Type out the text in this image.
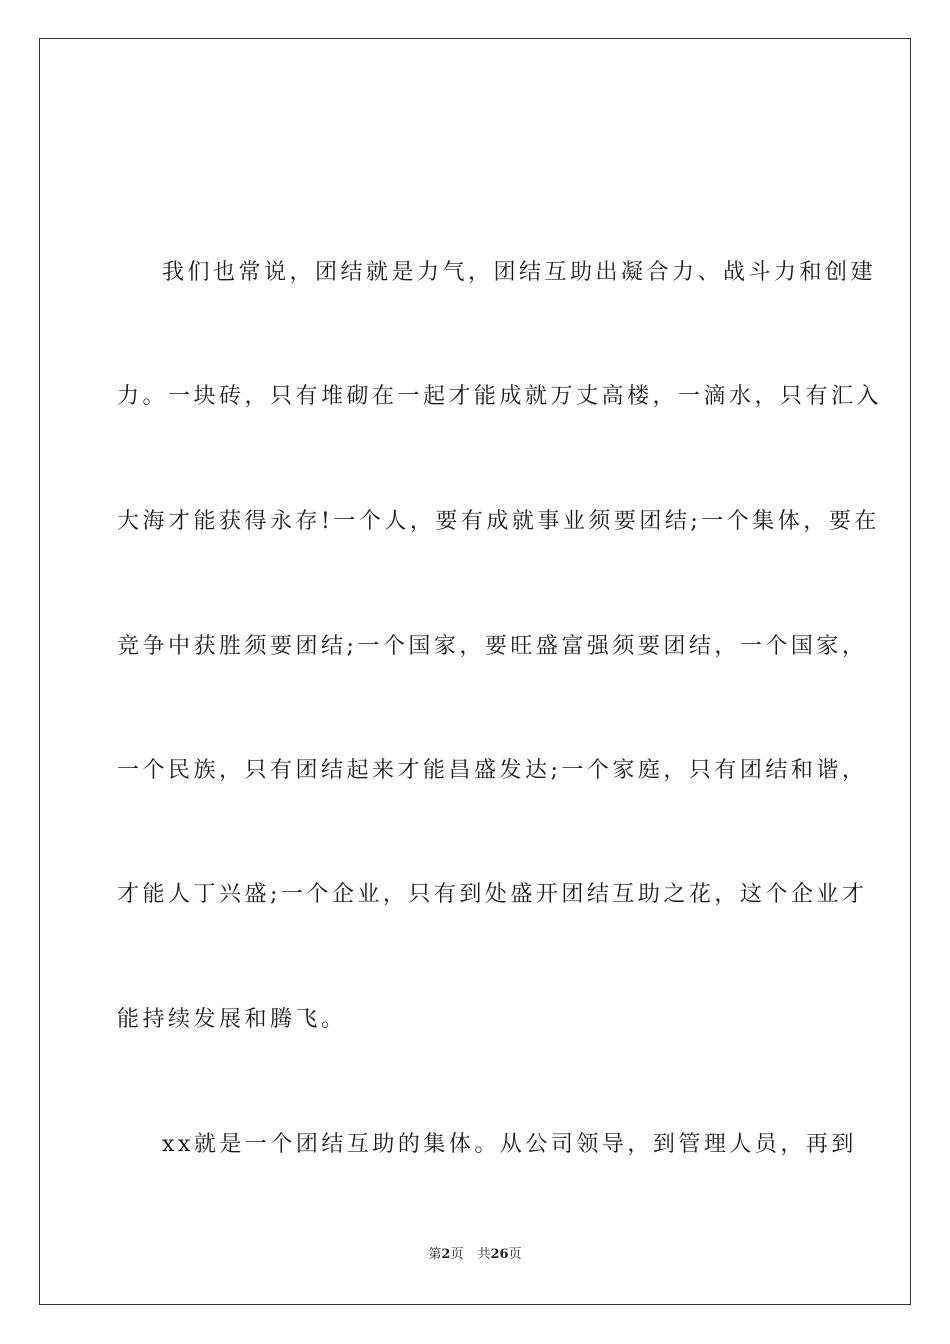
我们也常说，团结就是力气，团结互助出凝合力、战斗力和创建
力。一块砖，只有堆砌在一起才能成就万丈高楼，一滴水，只有汇入
大海才能获得永存!一个人，要有成就事业须要团结;一个集体，要在
竞争中获胜须要团结;一个国家，要旺盛富强须要团结，一个国家，
一个民族，只有团结起来才能昌盛发达;一个家庭，只有团结和谐，
才能人丁兴盛;一个企业，只有到处盛开团结互助之花，这个企业才
能持续发展和腾飞。
xx就是一个团结互助的集体。从公司领导，到管理人员，再到
第2页 共26页
